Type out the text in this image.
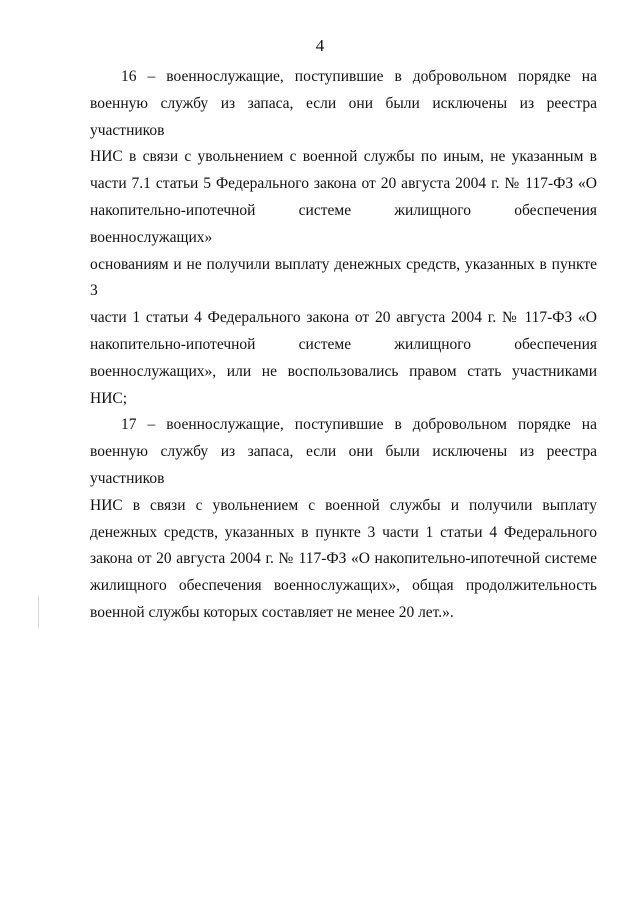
4

16 – военнослужащие, поступившие в добровольном порядке на
военную службу из запаса, если они были исключены из реестра участников
НИС в связи с увольнением с военной службы по иным, не указанным в
части 7.1 статьи 5 Федерального закона от 20 августа 2004 г. № 117-ФЗ «О
накопительно-ипотечной системе жилищного обеспечения военнослужащих»
основаниям и не получили выплату денежных средств, указанных в пункте 3
части 1 статьи 4 Федерального закона от 20 августа 2004 г. № 117-ФЗ «О
накопительно-ипотечной системе жилищного обеспечения
военнослужащих», или не воспользовались правом стать участниками НИС;

17 – военнослужащие, поступившие в добровольном порядке на
военную службу из запаса, если они были исключены из реестра участников
НИС в связи с увольнением с военной службы и получили выплату
денежных средств, указанных в пункте 3 части 1 статьи 4 Федерального
закона от 20 августа 2004 г. № 117-ФЗ «О накопительно-ипотечной системе
жилищного обеспечения военнослужащих», общая продолжительность
военной службы которых составляет не менее 20 лет.».
